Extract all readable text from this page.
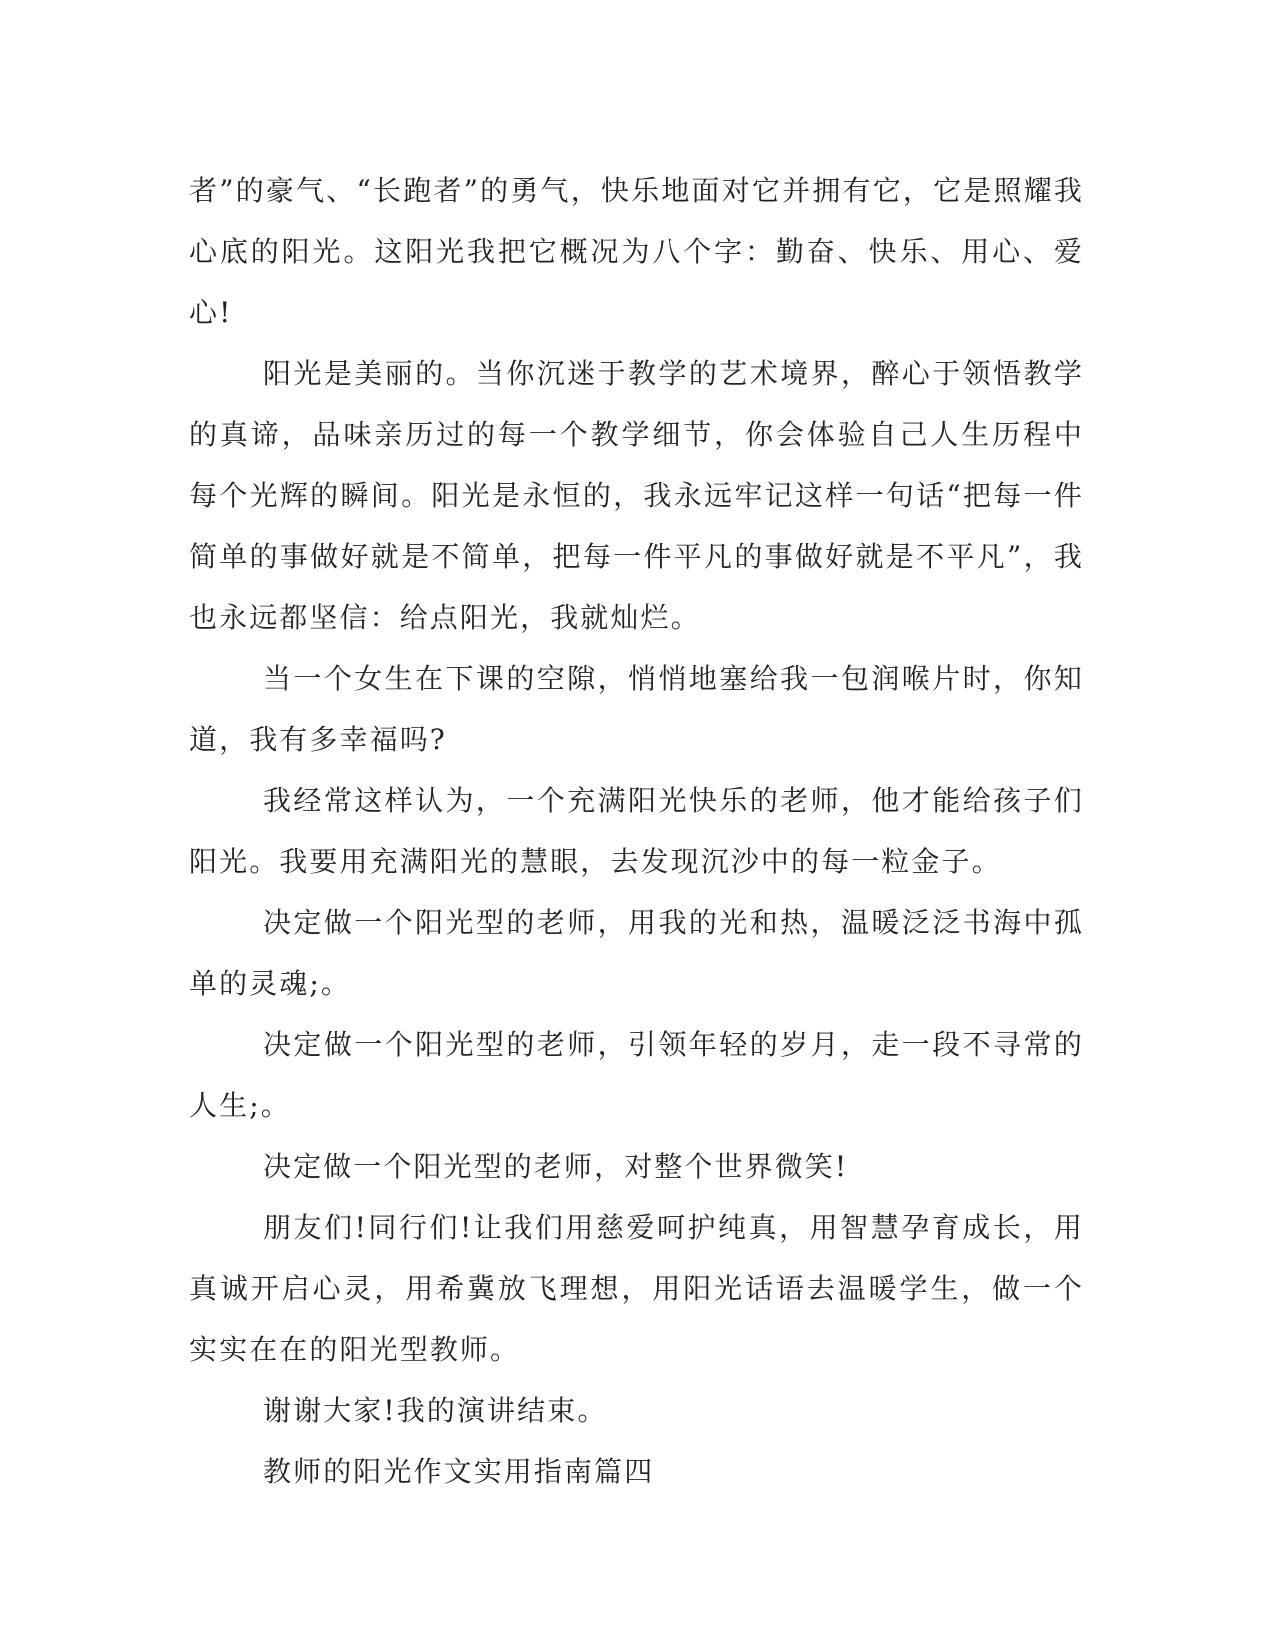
者”的豪气、“长跑者”的勇气，快乐地面对它并拥有它，它是照耀我心底的阳光。这阳光我把它概况为八个字：勤奋、快乐、用心、爱心!

阳光是美丽的。当你沉迷于教学的艺术境界，醉心于领悟教学的真谛，品味亲历过的每一个教学细节，你会体验自己人生历程中每个光辉的瞬间。阳光是永恒的，我永远牢记这样一句话“把每一件简单的事做好就是不简单，把每一件平凡的事做好就是不平凡”，我也永远都坚信：给点阳光，我就灿烂。

当一个女生在下课的空隙，悄悄地塞给我一包润喉片时，你知道，我有多幸福吗?

我经常这样认为，一个充满阳光快乐的老师，他才能给孩子们阳光。我要用充满阳光的慧眼，去发现沉沙中的每一粒金子。

决定做一个阳光型的老师，用我的光和热，温暖泛泛书海中孤单的灵魂;。

决定做一个阳光型的老师，引领年轻的岁月，走一段不寻常的人生;。

决定做一个阳光型的老师，对整个世界微笑!

朋友们!同行们!让我们用慈爱呵护纯真，用智慧孕育成长，用真诚开启心灵，用希冀放飞理想，用阳光话语去温暖学生，做一个实实在在的阳光型教师。

谢谢大家!我的演讲结束。

教师的阳光作文实用指南篇四
